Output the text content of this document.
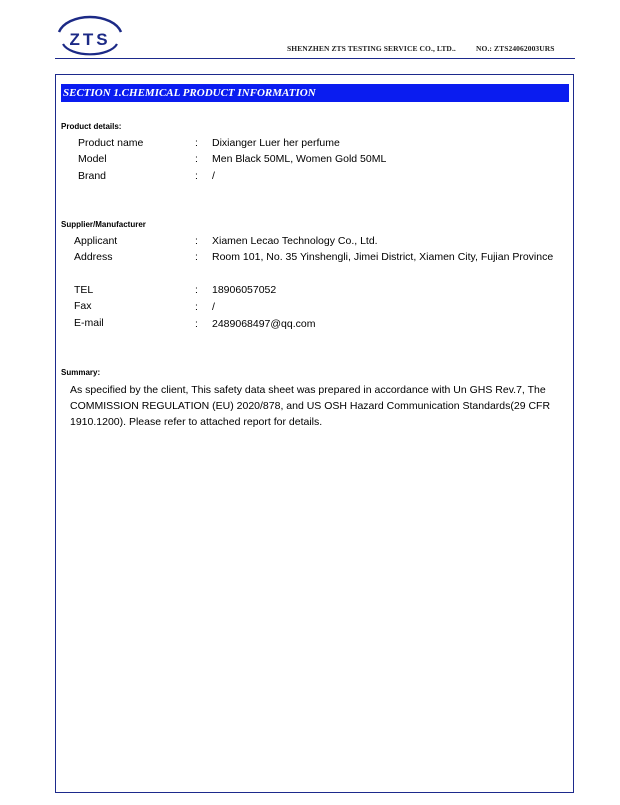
ZTS	SHENZHEN ZTS TESTING SERVICE CO., LTD..	NO.: ZTS24062003URS
SECTION 1.CHEMICAL PRODUCT INFORMATION
Product details:
Product name	: Dixianger Luer her perfume
Model	: Men Black 50ML, Women Gold 50ML
Brand	: /
Supplier/Manufacturer
Applicant	: Xiamen Lecao Technology Co., Ltd.
Address	: Room 101, No. 35 Yinshengli, Jimei District, Xiamen City, Fujian Province
TEL	: 18906057052
Fax	: /
E-mail	: 2489068497@qq.com
Summary:
As specified by the client, This safety data sheet was prepared in accordance with Un GHS Rev.7, The COMMISSION REGULATION (EU) 2020/878, and US OSH Hazard Communication Standards(29 CFR 1910.1200). Please refer to attached report for details.
